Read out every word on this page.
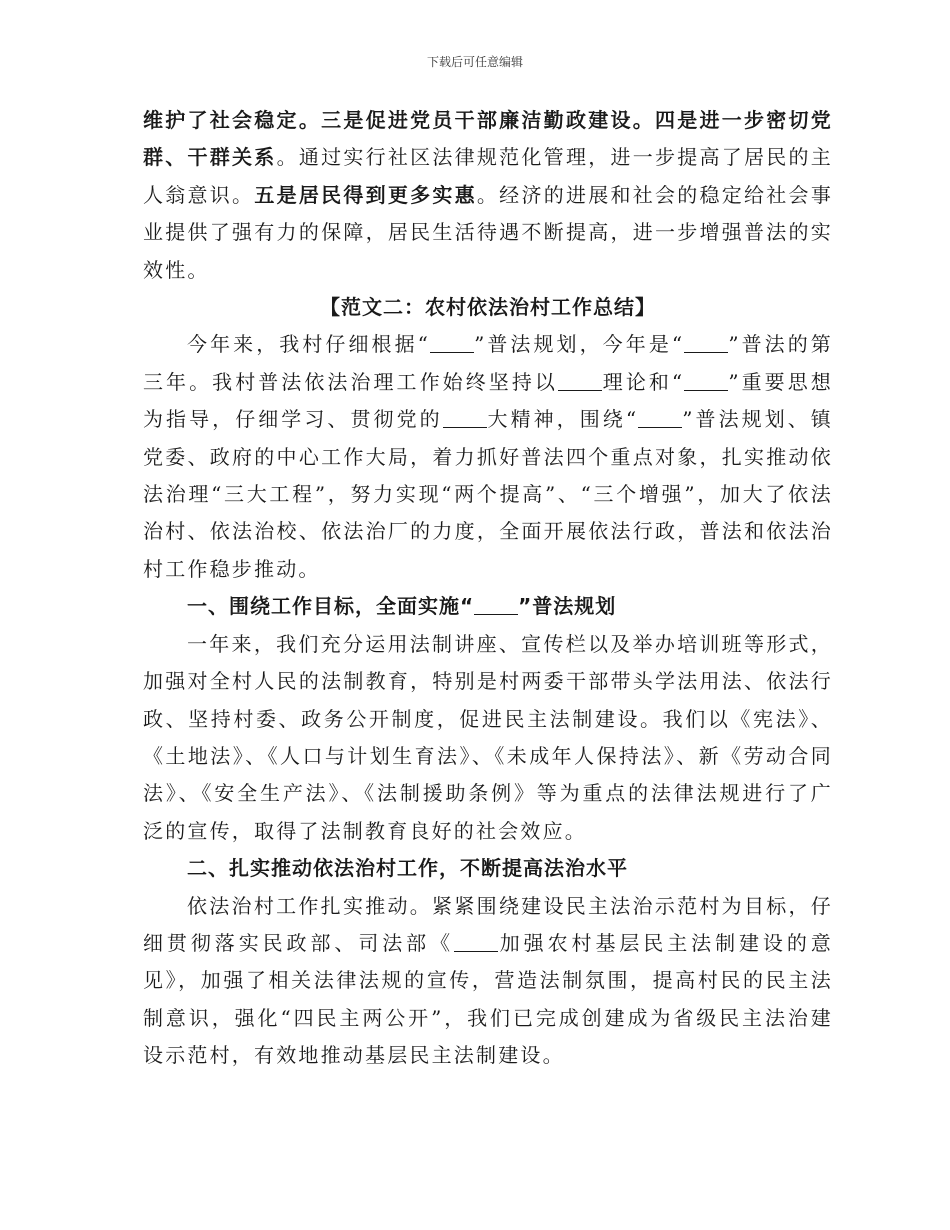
下载后可任意编辑

维护了社会稳定。三是促进党员干部廉洁勤政建设。四是进一步密切党群、干群关系。通过实行社区法律规范化管理，进一步提高了居民的主人翁意识。五是居民得到更多实惠。经济的进展和社会的稳定给社会事业提供了强有力的保障，居民生活待遇不断提高，进一步增强普法的实效性。

【范文二：农村依法治村工作总结】

今年来，我村仔细根据“ ”普法规划，今年是“ ”普法的第三年。我村普法依法治理工作始终坚持以 理论和“ ”重要思想为指导，仔细学习、贯彻党的 大精神，围绕“ ”普法规划、镇党委、政府的中心工作大局，着力抓好普法四个重点对象，扎实推动依法治理“三大工程”，努力实现“两个提高”、“三个增强”，加大了依法治村、依法治校、依法治厂的力度，全面开展依法行政，普法和依法治村工作稳步推动。

一、围绕工作目标，全面实施“ ”普法规划

一年来，我们充分运用法制讲座、宣传栏以及举办培训班等形式，加强对全村人民的法制教育，特别是村两委干部带头学法用法、依法行政、坚持村委、政务公开制度，促进民主法制建设。我们以《宪法》、《土地法》、《人口与计划生育法》、《未成年人保持法》、新《劳动合同法》、《安全生产法》、《法制援助条例》等为重点的法律法规进行了广泛的宣传，取得了法制教育良好的社会效应。

二、扎实推动依法治村工作，不断提高法治水平

依法治村工作扎实推动。紧紧围绕建设民主法治示范村为目标，仔细贯彻落实民政部、司法部《 加强农村基层民主法制建设的意见》，加强了相关法律法规的宣传，营造法制氛围，提高村民的民主法制意识，强化“四民主两公开”，我们已完成创建成为省级民主法治建设示范村，有效地推动基层民主法制建设。
